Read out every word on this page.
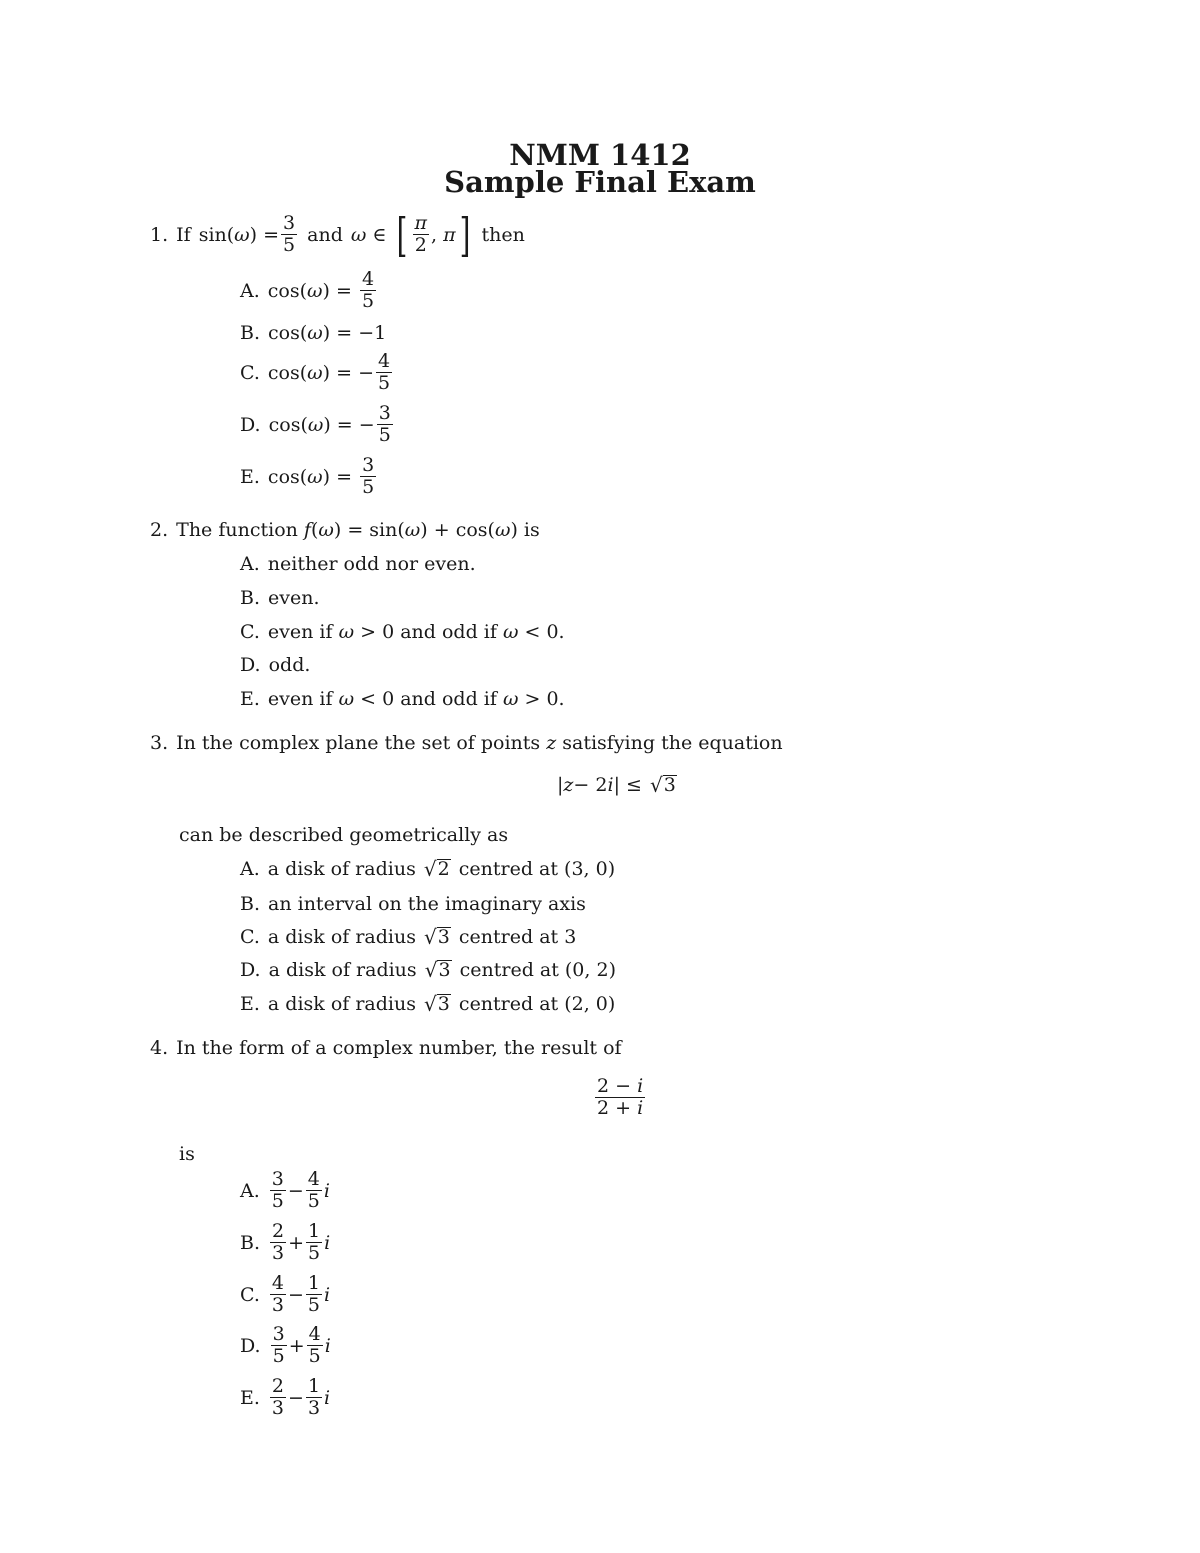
NMM 1412
Sample Final Exam
1. If sin( ω ) = $\frac{3}{5}$ and ω
∈
[ $\frac{\pi}{2}$ ,
π ] then
A. cos( ω ) =
$\frac{4}{5}$
B. cos( ω ) =
−1
C. cos( ω ) =
− $\frac{4}{5}$
D. cos( ω ) =
− $\frac{3}{5}$
E. cos( ω ) =
$\frac{3}{5}$
2. The function
f ( ω ) = sin( ω ) + cos( ω ) is
A. neither odd nor even.
B. even.
C. even if
ω
> 0 and odd if
ω
< 0.
D. odd.
E. even if
ω
< 0 and odd if
ω
> 0.
3. In the complex plane the set of points
z
satisfying the equation
| z − 2 i | ≤
√ 3
can be described geometrically as
A. a disk of radius
√ 2
centred at (3, 0)
B. an interval on the imaginary axis
C. a disk of radius
√ 3
centred at 3
D. a disk of radius
√ 3
centred at (0, 2)
E. a disk of radius
√ 3
centred at (2, 0)
4. In the form of a complex number, the result of
$\frac{2 - i}{2 + i}$
is
A. $\frac{3}{5} - \frac{4}{5}$ i
B. $\frac{2}{3} + \frac{1}{5}$ i
C. $\frac{4}{3} - \frac{1}{5}$ i
D. $\frac{3}{5} + \frac{4}{5}$ i
E. $\frac{2}{3} - \frac{1}{3}$ i
